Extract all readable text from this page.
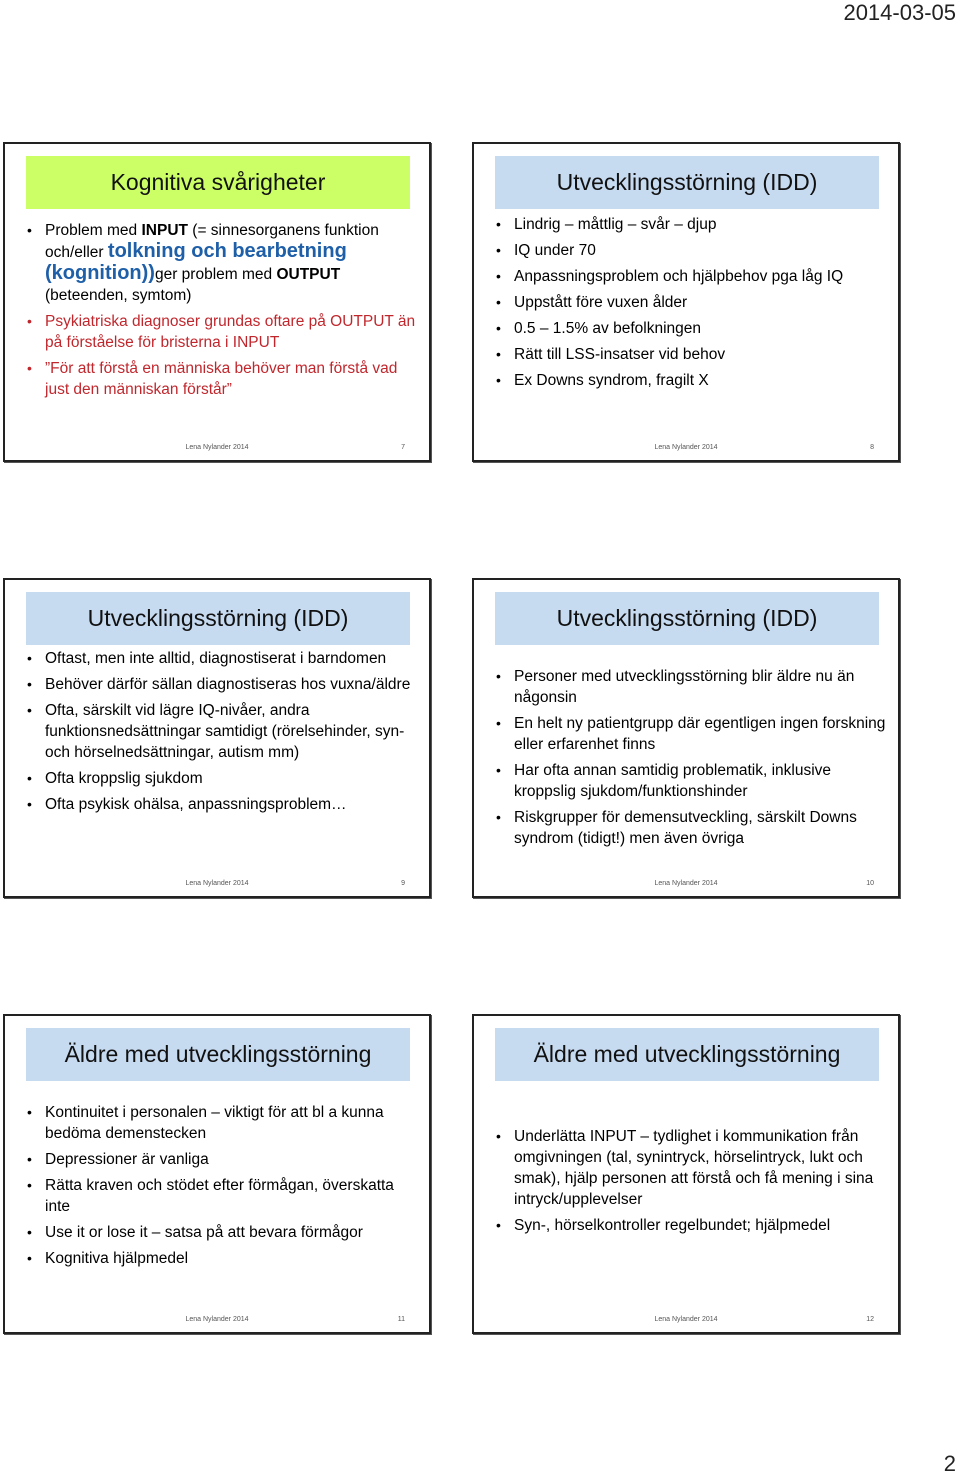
2014-03-05
Kognitiva svårigheter
• Problem med INPUT (= sinnesorganens funktion och/eller tolkning och bearbetning (kognition))ger problem med OUTPUT (beteenden, symtom)
• Psykiatriska diagnoser grundas oftare på OUTPUT än på förståelse för bristerna i INPUT
• ”För att förstå en människa behöver man förstå vad just den människan förstår”
Lena Nylander 2014	7
Utvecklingsstörning (IDD)
• Lindrig – måttlig – svår – djup
• IQ under 70
• Anpassningsproblem och hjälpbehov pga låg IQ
• Uppstått före vuxen ålder
• 0.5 – 1.5% av befolkningen
• Rätt till LSS-insatser vid behov
• Ex Downs syndrom, fragilt X
Lena Nylander 2014	8
Utvecklingsstörning (IDD)
• Oftast, men inte alltid, diagnostiserat i barndomen
• Behöver därför sällan diagnostiseras hos vuxna/äldre
• Ofta, särskilt vid lägre IQ-nivåer, andra funktionsnedsättningar samtidigt (rörelsehinder, syn- och hörselnedsättningar, autism mm)
• Ofta kroppslig sjukdom
• Ofta psykisk ohälsa, anpassningsproblem…
Lena Nylander 2014	9
Utvecklingsstörning (IDD)
• Personer med utvecklingsstörning blir äldre nu än någonsin
• En helt ny patientgrupp där egentligen ingen forskning eller erfarenhet finns
• Har ofta annan samtidig problematik, inklusive kroppslig sjukdom/funktionshinder
• Riskgrupper för demensutveckling, särskilt Downs syndrom (tidigt!) men även övriga
Lena Nylander 2014	10
Äldre med utvecklingsstörning
• Kontinuitet i personalen – viktigt för att bl a kunna bedöma demenstecken
• Depressioner är vanliga
• Rätta kraven och stödet efter förmågan, överskatta inte
• Use it or lose it – satsa på att bevara förmågor
• Kognitiva hjälpmedel
Lena Nylander 2014	11
Äldre med utvecklingsstörning
• Underlätta INPUT – tydlighet i kommunikation från omgivningen (tal, synintryck, hörselintryck, lukt och smak), hjälp personen att förstå och få mening i sina intryck/upplevelser
• Syn-, hörselkontroller regelbundet; hjälpmedel
Lena Nylander 2014	12
2
